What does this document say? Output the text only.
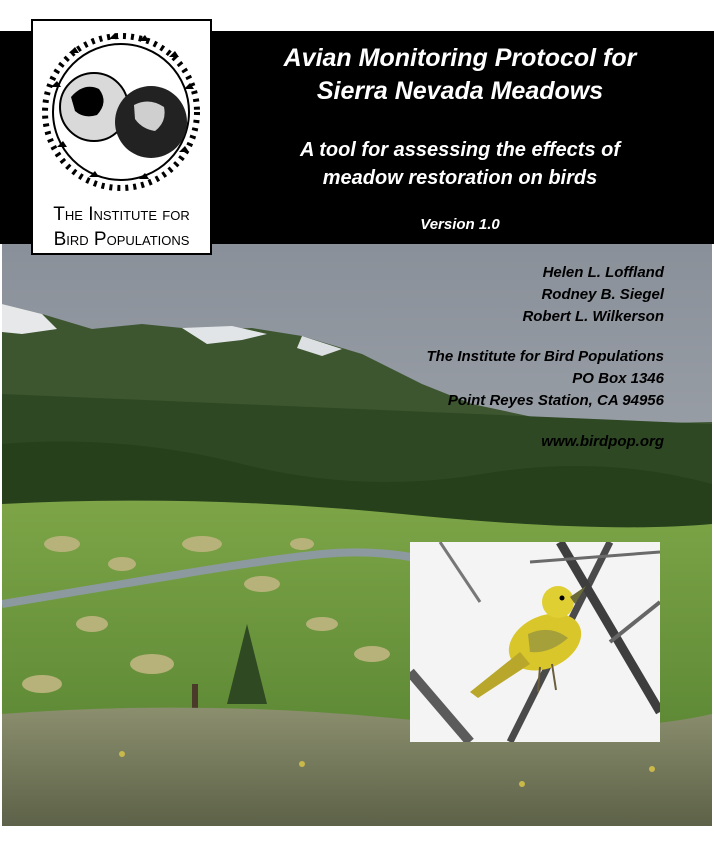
Avian Monitoring Protocol for
Sierra Nevada Meadows
A tool for assessing the effects of
meadow restoration on birds
Version 1.0
Helen L. Loffland
Rodney B. Siegel
Robert L. Wilkerson
The Institute for Bird Populations
PO Box 1346
Point Reyes Station, CA 94956
www.birdpop.org
The Institute for
Bird Populations
